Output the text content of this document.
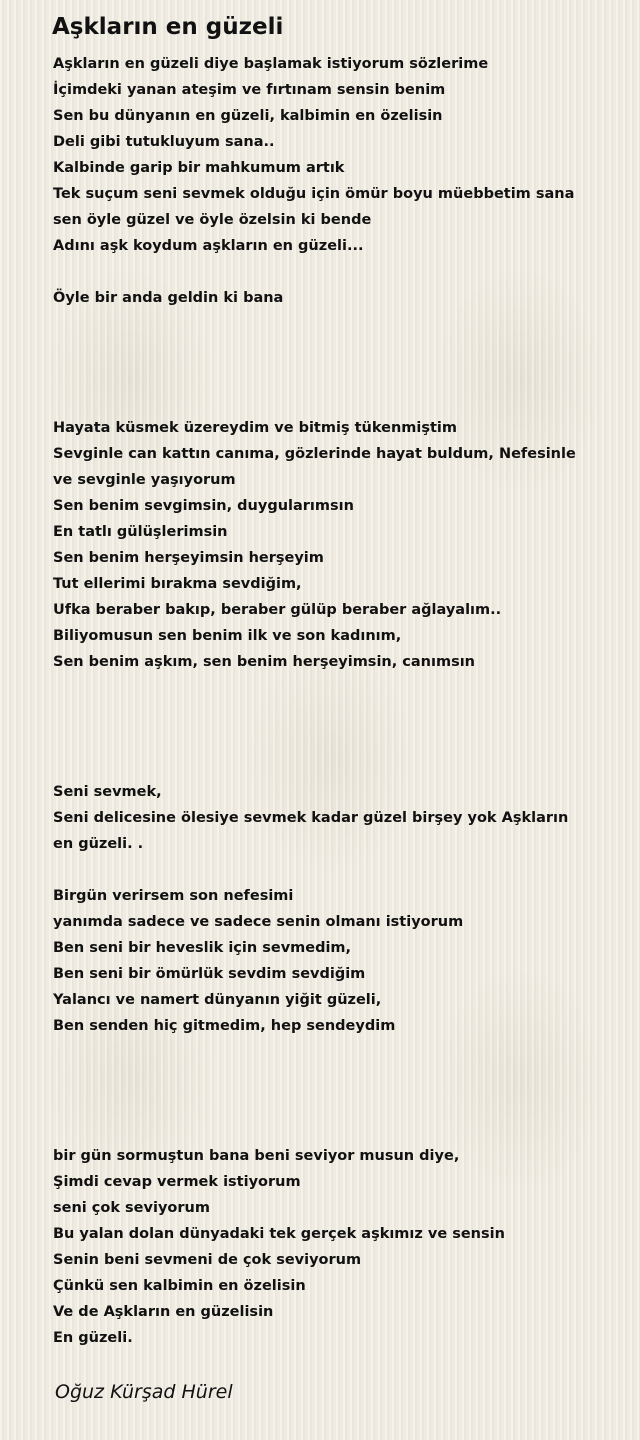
Aşkların en güzeli
Aşkların en güzeli diye başlamak istiyorum sözlerime
İçimdeki yanan ateşim ve fırtınam sensin benim
Sen bu dünyanın en güzeli, kalbimin en özelisin
Deli gibi tutukluyum sana..
Kalbinde garip bir mahkumum artık
Tek suçum seni sevmek olduğu için ömür boyu müebbetim sana
sen öyle güzel ve öyle özelsin ki bende
Adını aşk koydum aşkların en güzeli...
Öyle bir anda geldin ki bana
Hayata küsmek üzereydim ve bitmiş tükenmiştim
Sevginle can kattın canıma, gözlerinde hayat buldum, Nefesinle
ve sevginle yaşıyorum
Sen benim sevgimsin, duygularımsın
En tatlı gülüşlerimsin
Sen benim herşeyimsin herşeyim
Tut ellerimi bırakma sevdiğim,
Ufka beraber bakıp, beraber gülüp beraber ağlayalım..
Biliyomusun sen benim ilk ve son kadınım,
Sen benim aşkım, sen benim herşeyimsin, canımsın
Seni sevmek,
Seni delicesine ölesiye sevmek kadar güzel birşey yok Aşkların
en güzeli. .
Birgün verirsem son nefesimi
yanımda sadece ve sadece senin olmanı istiyorum
Ben seni bir heveslik için sevmedim,
Ben seni bir ömürlük sevdim sevdiğim
Yalancı ve namert dünyanın yiğit güzeli,
Ben senden hiç gitmedim, hep sendeydim
bir gün sormuştun bana beni seviyor musun diye,
Şimdi cevap vermek istiyorum
seni çok seviyorum
Bu yalan dolan dünyadaki tek gerçek aşkımız ve sensin
Senin beni sevmeni de çok seviyorum
Çünkü sen kalbimin en özelisin
Ve de Aşkların en güzelisin
En güzeli.
Oğuz Kürşad Hürel
